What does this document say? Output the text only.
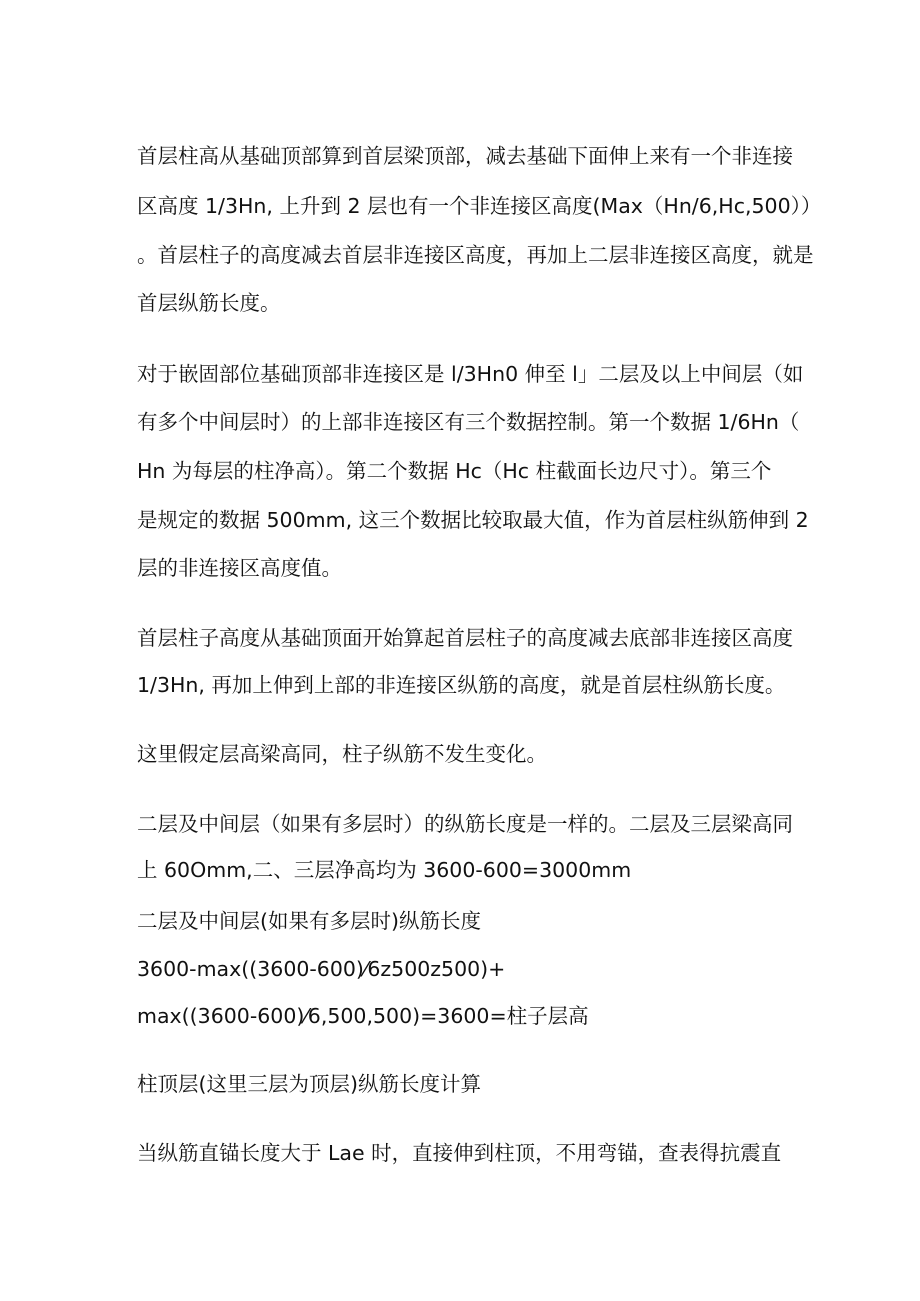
首层柱高从基础顶部算到首层梁顶部，减去基础下面伸上来有一个非连接
区高度 1/3Hn, 上升到 2 层也有一个非连接区高度(Max（Hn/6,Hc,500））
。首层柱子的高度减去首层非连接区高度，再加上二层非连接区高度，就是
首层纵筋长度。
对于嵌固部位基础顶部非连接区是 l/3Hn0 伸至 l」二层及以上中间层（如
有多个中间层时）的上部非连接区有三个数据控制。第一个数据 1/6Hn（
Hn 为每层的柱净高）。第二个数据 Hc（Hc 柱截面长边尺寸）。第三个
是规定的数据 500mm, 这三个数据比较取最大值，作为首层柱纵筋伸到 2
层的非连接区高度值。
首层柱子高度从基础顶面开始算起首层柱子的高度减去底部非连接区高度
1/3Hn, 再加上伸到上部的非连接区纵筋的高度，就是首层柱纵筋长度。
这里假定层高梁高同，柱子纵筋不发生变化。
二层及中间层（如果有多层时）的纵筋长度是一样的。二层及三层梁高同
上 60Omm,二、三层净高均为 3600-600=3000mm
二层及中间层(如果有多层时)纵筋长度
3600-max((3600-600)⁄6z500z500)+
max((3600-600)⁄6,500,500)=3600=柱子层高
柱顶层(这里三层为顶层)纵筋长度计算
当纵筋直锚长度大于 Lae 时，直接伸到柱顶，不用弯锚，查表得抗震直
